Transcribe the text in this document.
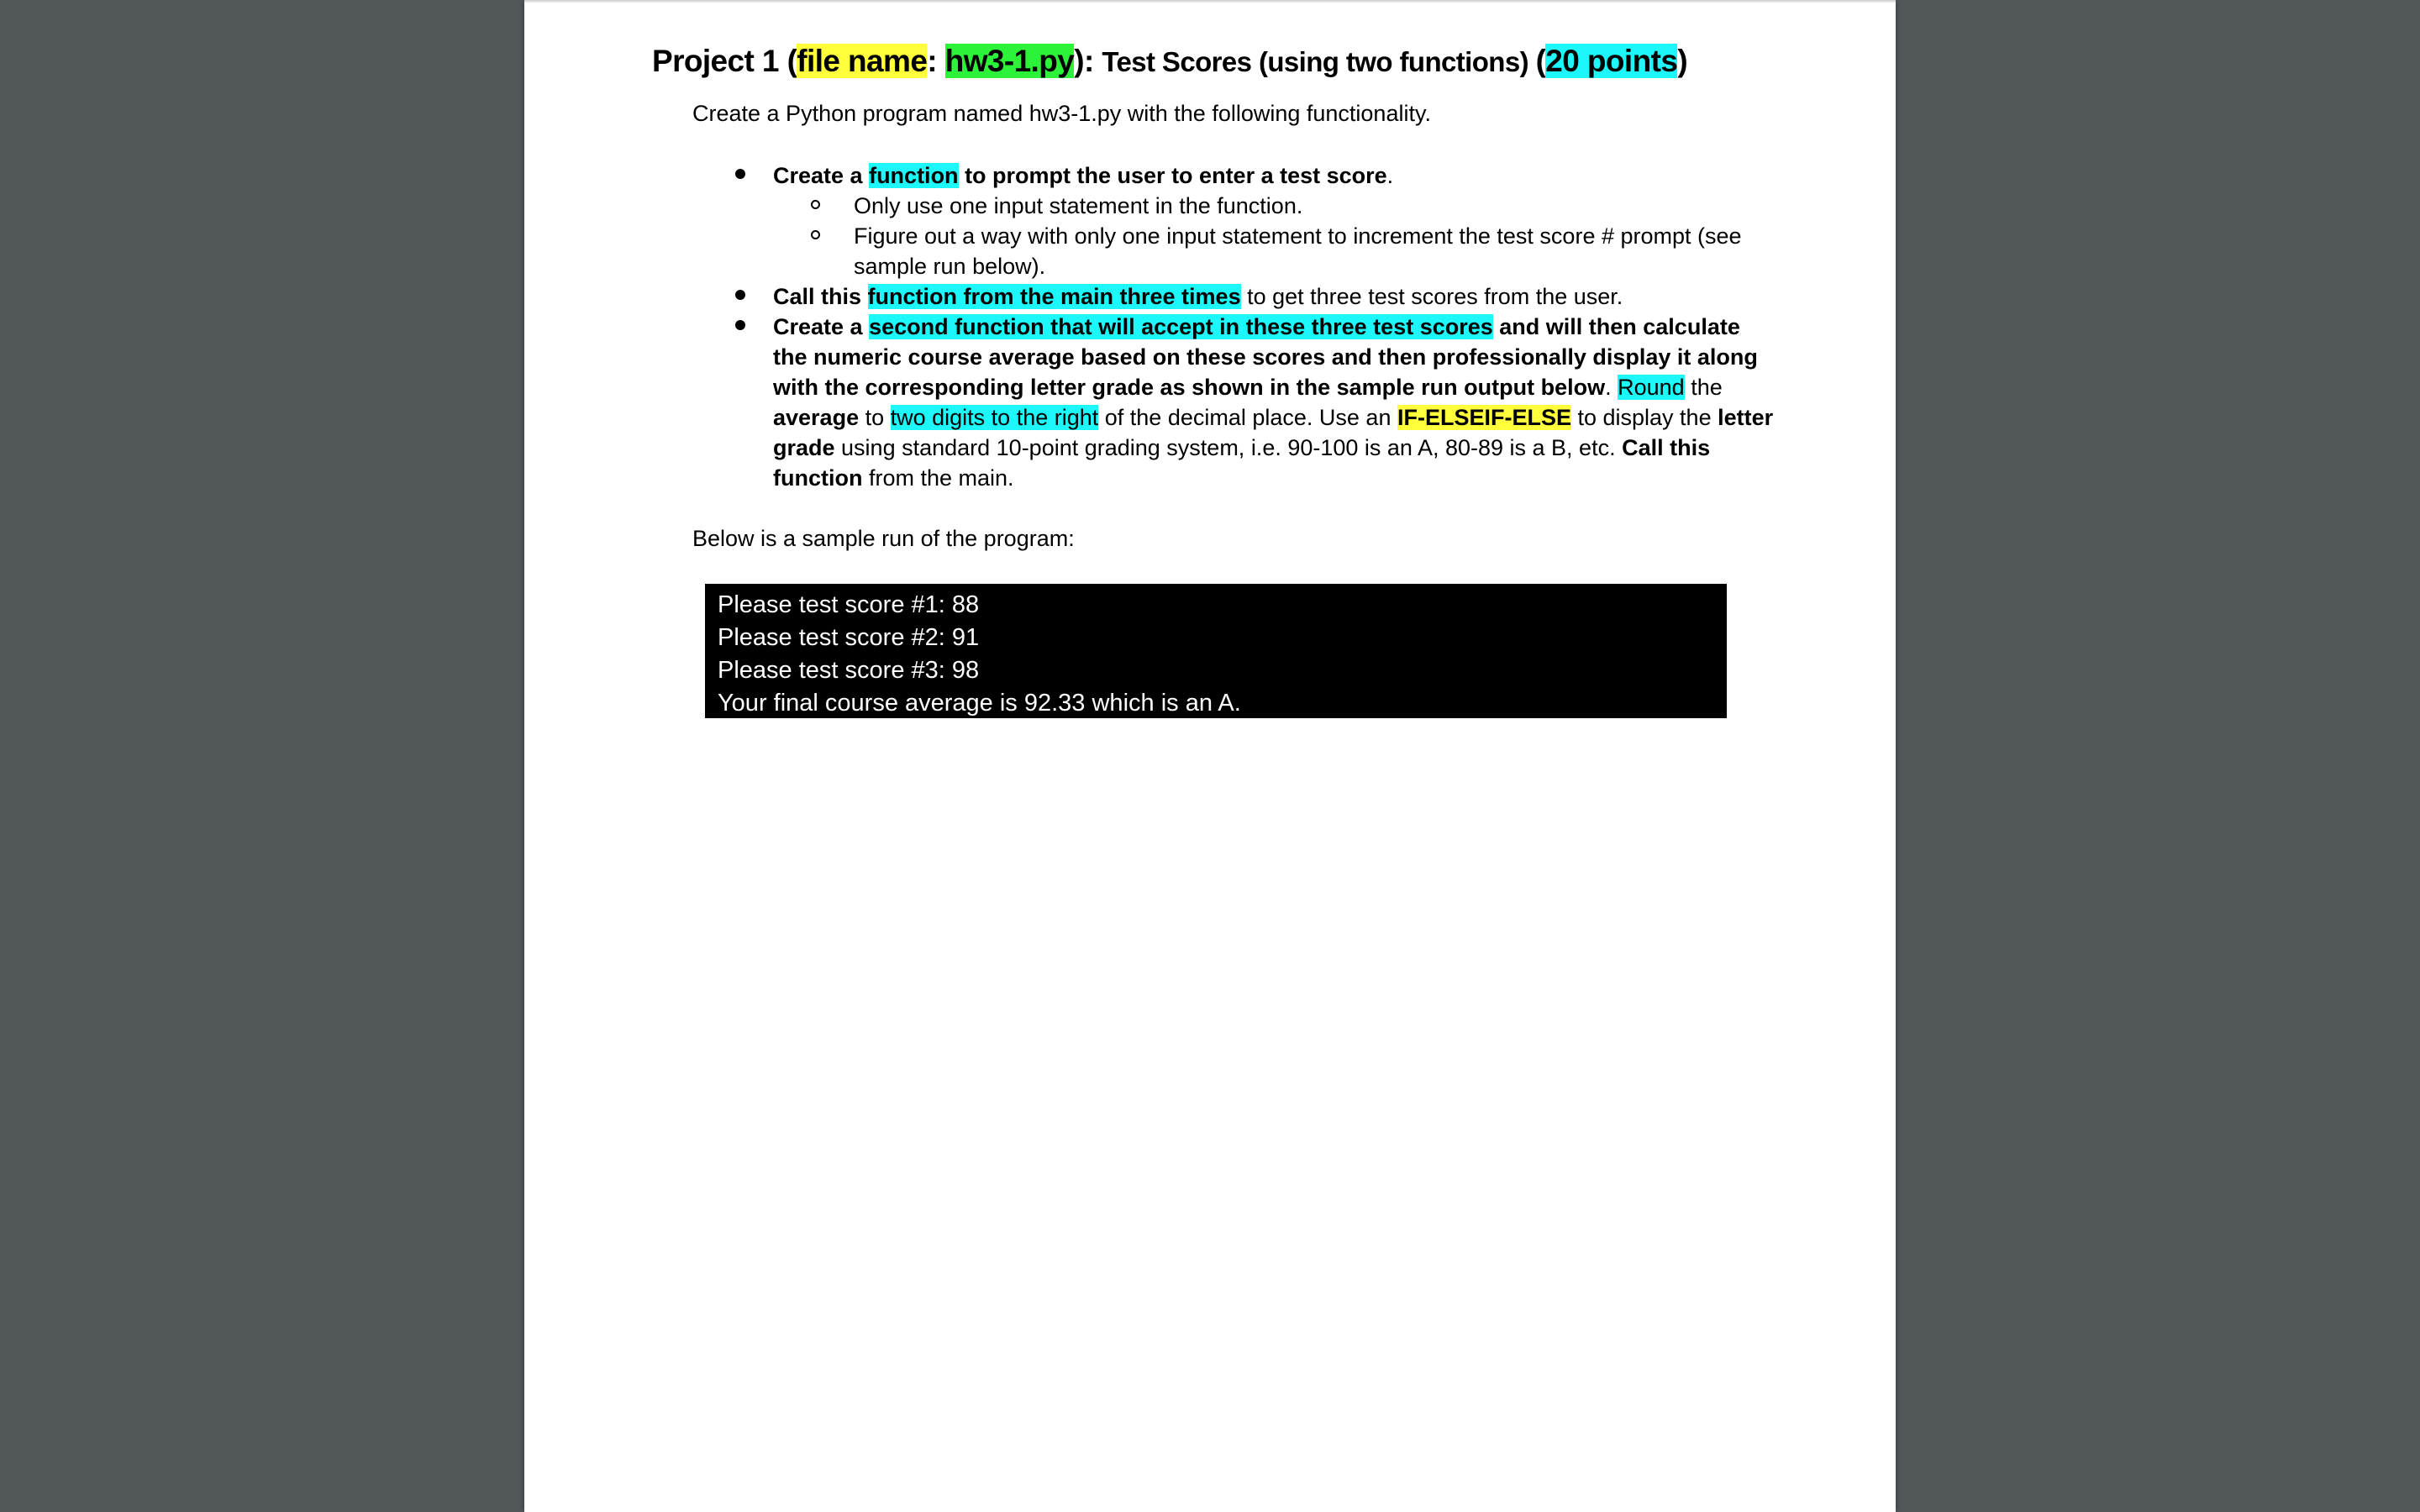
Project 1 (file name: hw3-1.py): Test Scores (using two functions) (20 points)
Create a Python program named hw3-1.py with the following functionality.
Create a function to prompt the user to enter a test score.
Only use one input statement in the function.
Figure out a way with only one input statement to increment the test score # prompt (see sample run below).
Call this function from the main three times to get three test scores from the user.
Create a second function that will accept in these three test scores and will then calculate the numeric course average based on these scores and then professionally display it along with the corresponding letter grade as shown in the sample run output below. Round the average to two digits to the right of the decimal place. Use an IF-ELSEIF-ELSE to display the letter grade using standard 10-point grading system, i.e. 90-100 is an A, 80-89 is a B, etc. Call this function from the main.
Below is a sample run of the program:
Please test score #1: 88
Please test score #2: 91
Please test score #3: 98
Your final course average is 92.33 which is an A.
